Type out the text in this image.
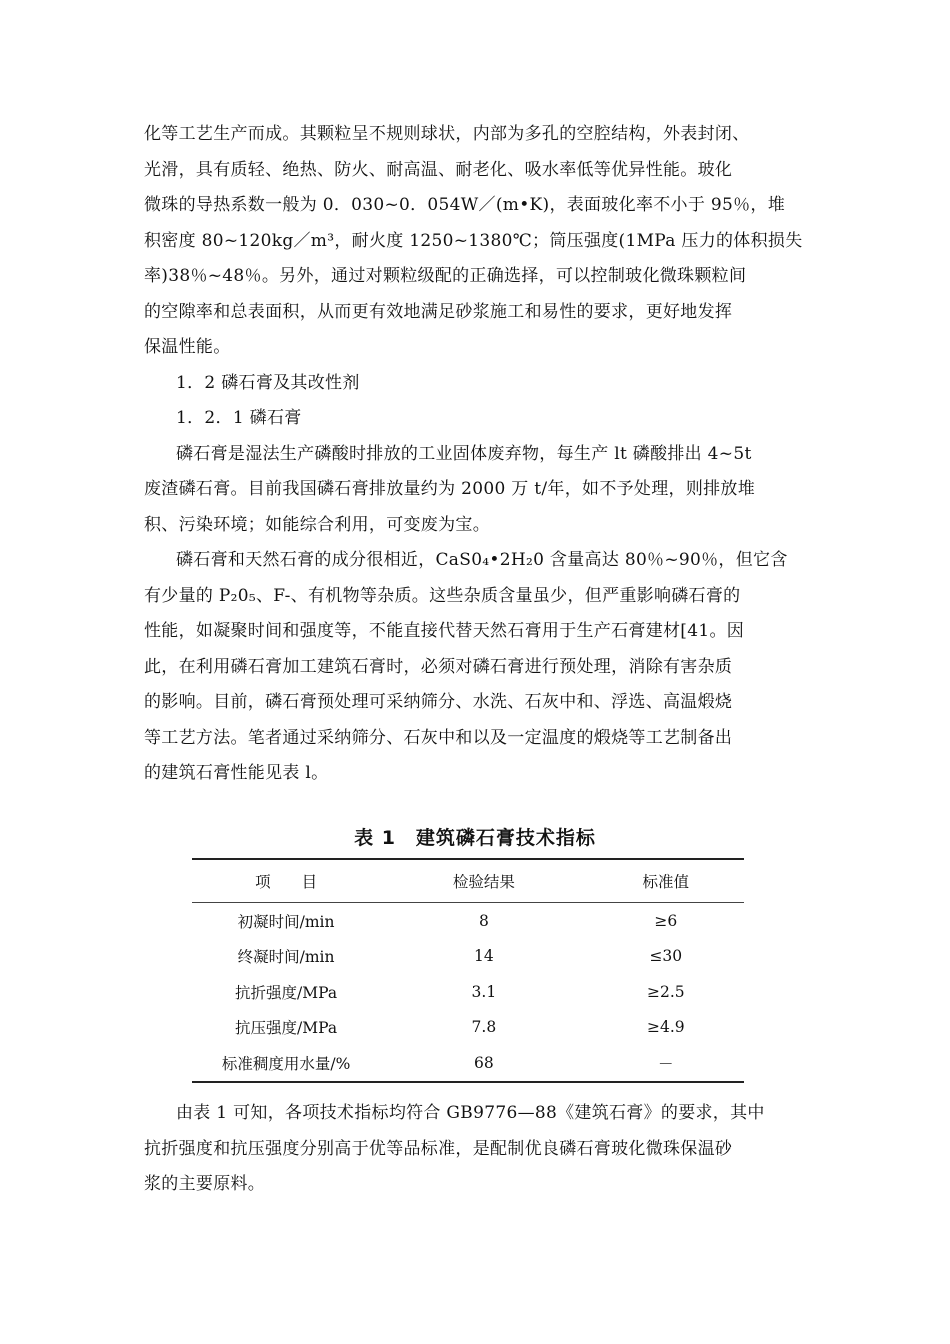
化等工艺生产而成。其颗粒呈不规则球状，内部为多孔的空腔结构，外表封闭、

光滑，具有质轻、绝热、防火、耐高温、耐老化、吸水率低等优异性能。玻化

微珠的导热系数一般为 0．030~0．054W／(m•K)，表面玻化率不小于 95％，堆

积密度 80~120kg／m³，耐火度 1250~1380℃；筒压强度(1MPa 压力的体积损失

率)38％~48％。另外，通过对颗粒级配的正确选择，可以控制玻化微珠颗粒间

的空隙率和总表面积，从而更有效地满足砂浆施工和易性的要求，更好地发挥

保温性能。

1．2 磷石膏及其改性剂

1．2．1 磷石膏

磷石膏是湿法生产磷酸时排放的工业固体废弃物，每生产 lt 磷酸排出 4~5t

废渣磷石膏。目前我国磷石膏排放量约为 2000 万 t/年，如不予处理，则排放堆

积、污染环境；如能综合利用，可变废为宝。

磷石膏和天然石膏的成分很相近，CaS0₄•2H₂0 含量高达 80％~90％，但它含

有少量的 P₂0₅、F-、有机物等杂质。这些杂质含量虽少，但严重影响磷石膏的

性能，如凝聚时间和强度等，不能直接代替天然石膏用于生产石膏建材[41。因

此，在利用磷石膏加工建筑石膏时，必须对磷石膏进行预处理，消除有害杂质

的影响。目前，磷石膏预处理可采纳筛分、水洗、石灰中和、浮选、高温煅烧

等工艺方法。笔者通过采纳筛分、石灰中和以及一定温度的煅烧等工艺制备出

的建筑石膏性能见表 l。

表 1　建筑磷石膏技术指标
项　　目	检验结果	标准值
初凝时间/min	8	≥6
终凝时间/min	14	≤30
抗折强度/MPa	3.1	≥2.5
抗压强度/MPa	7.8	≥4.9
标准稠度用水量/%	68	－

由表 1 可知，各项技术指标均符合 GB9776—88《建筑石膏》的要求，其中

抗折强度和抗压强度分别高于优等品标准，是配制优良磷石膏玻化微珠保温砂

浆的主要原料。
